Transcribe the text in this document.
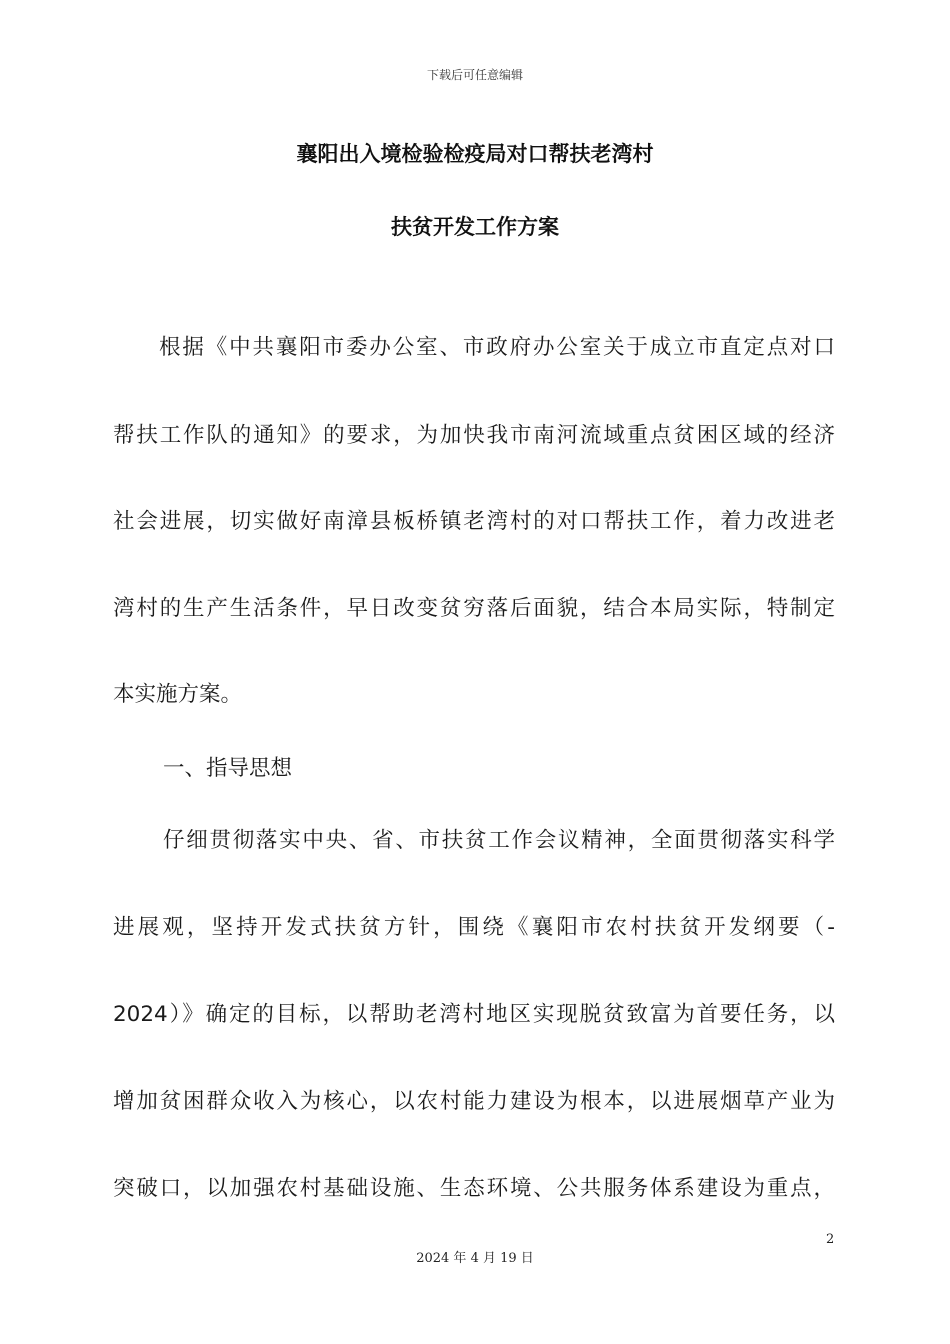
下载后可任意编辑
襄阳出入境检验检疫局对口帮扶老湾村
扶贫开发工作方案
根据《中共襄阳市委办公室、市政府办公室关于成立市直定点对口
帮扶工作队的通知》的要求，为加快我市南河流域重点贫困区域的经济
社会进展，切实做好南漳县板桥镇老湾村的对口帮扶工作，着力改进老
湾村的生产生活条件，早日改变贫穷落后面貌，结合本局实际，特制定
本实施方案。
一、指导思想
仔细贯彻落实中央、省、市扶贫工作会议精神，全面贯彻落实科学
进展观，坚持开发式扶贫方针，围绕《襄阳市农村扶贫开发纲要（-
2024）》确定的目标，以帮助老湾村地区实现脱贫致富为首要任务，以
增加贫困群众收入为核心，以农村能力建设为根本，以进展烟草产业为
突破口，以加强农村基础设施、生态环境、公共服务体系建设为重点，
2
2024 年 4 月 19 日
